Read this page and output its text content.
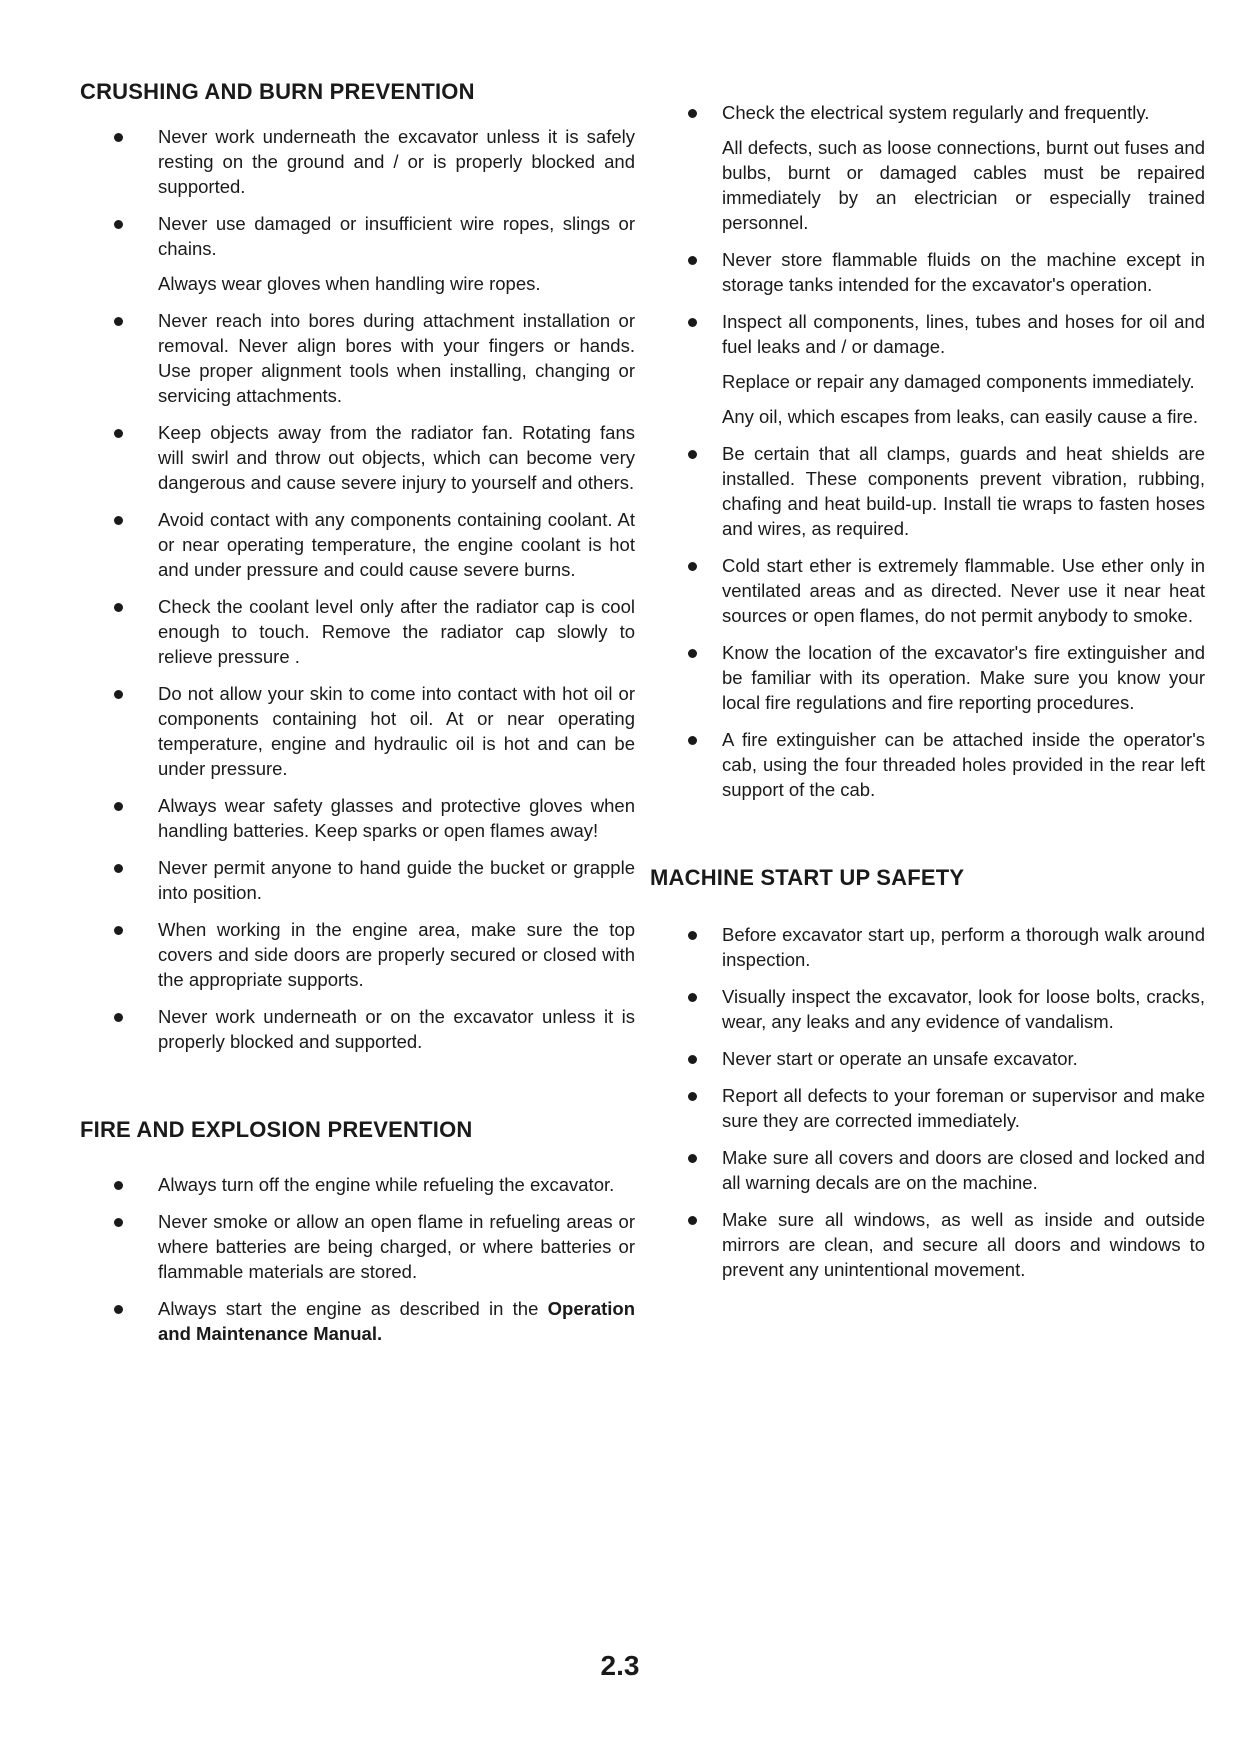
CRUSHING AND BURN PREVENTION

Never work underneath the excavator unless it is safely resting on the ground and / or is properly blocked and supported.

Never use damaged or insufficient wire ropes, slings or chains.

Always wear gloves when handling wire ropes.

Never reach into bores during attachment installation or removal. Never align bores with your fingers or hands. Use proper alignment tools when installing, changing or servicing attachments.

Keep objects away from the radiator fan. Rotating fans will swirl and throw out objects, which can become very dangerous and cause severe injury to yourself and others.

Avoid contact with any components containing coolant. At or near operating temperature, the engine coolant is hot and under pressure and could cause severe burns.

Check the coolant level only after the radiator cap is cool enough to touch. Remove the radiator cap slowly to relieve pressure .

Do not allow your skin to come into contact with hot oil or components containing hot oil. At or near operating temperature, engine and hydraulic oil is hot and can be under pressure.

Always wear safety glasses and protective gloves when handling batteries. Keep sparks or open flames away!

Never permit anyone to hand guide the bucket or grapple into position.

When working in the engine area, make sure the top covers and side doors are properly secured or closed with the appropriate supports.

Never work underneath or on the excavator unless it is properly blocked and supported.

FIRE AND EXPLOSION PREVENTION

Always turn off the engine while refueling the excavator.

Never smoke or allow an open flame in refueling areas or where batteries are being charged, or where batteries or flammable materials are stored.

Always start the engine as described in the Operation and Maintenance Manual.

Check the electrical system regularly and frequently.

All defects, such as loose connections, burnt out fuses and bulbs, burnt or damaged cables must be repaired immediately by an electrician or especially trained personnel.

Never store flammable fluids on the machine except in storage tanks intended for the excavator's operation.

Inspect all components, lines, tubes and hoses for oil and fuel leaks and / or damage.

Replace or repair any damaged components immediately.

Any oil, which escapes from leaks, can easily cause a fire.

Be certain that all clamps, guards and heat shields are installed. These components prevent vibration, rubbing, chafing and heat build-up. Install tie wraps to fasten hoses and wires, as required.

Cold start ether is extremely flammable. Use ether only in ventilated areas and as directed. Never use it near heat sources or open flames, do not permit anybody to smoke.

Know the location of the excavator's fire extinguisher and be familiar with its operation. Make sure you know your local fire regulations and fire reporting procedures.

A fire extinguisher can be attached inside the operator's cab, using the four threaded holes provided in the rear left support of the cab.

MACHINE START UP SAFETY

Before excavator start up, perform a thorough walk around inspection.

Visually inspect the excavator, look for loose bolts, cracks, wear, any leaks and any evidence of vandalism.

Never start or operate an unsafe excavator.

Report all defects to your foreman or supervisor and make sure they are corrected immediately.

Make sure all covers and doors are closed and locked and all warning decals are on the machine.

Make sure all windows, as well as inside and outside mirrors are clean, and secure all doors and windows to prevent any unintentional movement.

2.3
